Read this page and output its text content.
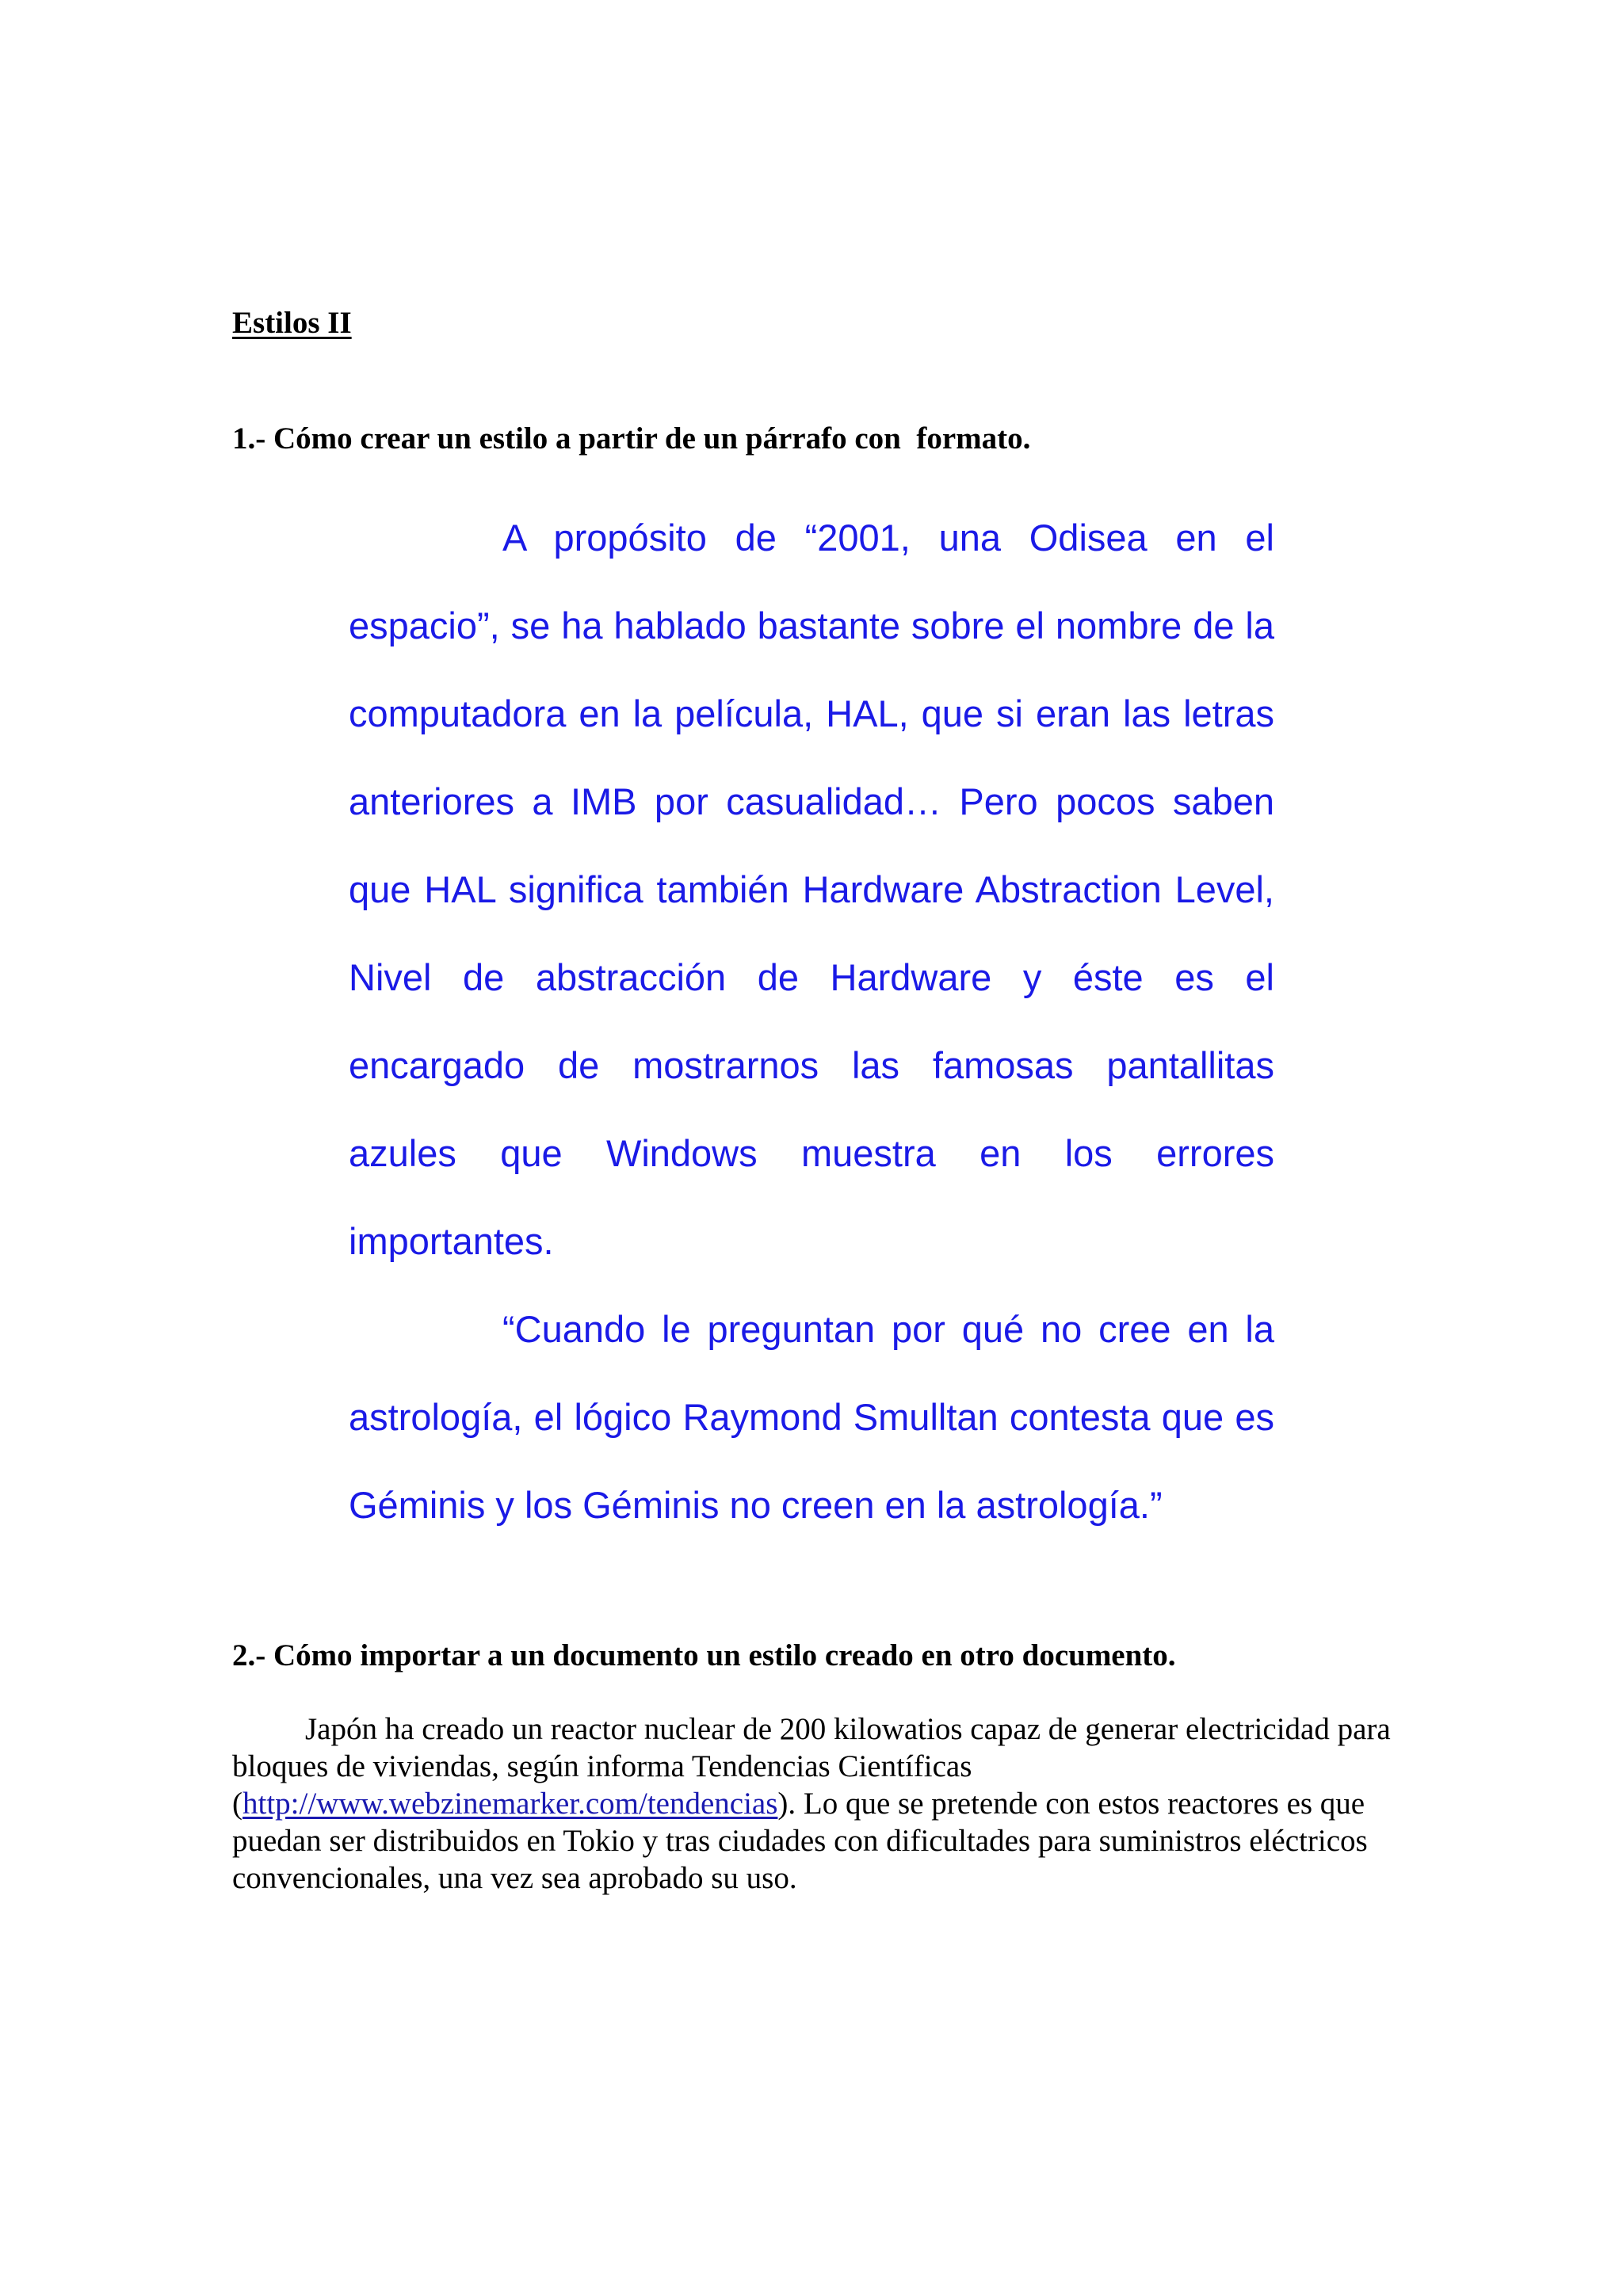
Estilos II
1.- Cómo crear un estilo a partir de un párrafo con  formato.

A propósito de “2001, una Odisea en el espacio”, se ha hablado bastante sobre el nombre de la computadora en la película, HAL, que si eran las letras anteriores a IMB por casualidad… Pero pocos saben que HAL significa también Hardware Abstraction Level, Nivel de abstracción de Hardware y éste es el encargado de mostrarnos las famosas pantallitas azules que Windows muestra en los errores importantes.

“Cuando le preguntan por qué no cree en la astrología, el lógico Raymond Smulltan contesta que es Géminis y los Géminis no creen en la astrología.”

2.- Cómo importar a un documento un estilo creado en otro documento.

Japón ha creado un reactor nuclear de 200 kilowatios capaz de generar electricidad para bloques de viviendas, según informa Tendencias Científicas (http://www.webzinemarker.com/tendencias). Lo que se pretende con estos reactores es que puedan ser distribuidos en Tokio y tras ciudades con dificultades para suministros eléctricos convencionales, una vez sea aprobado su uso.
